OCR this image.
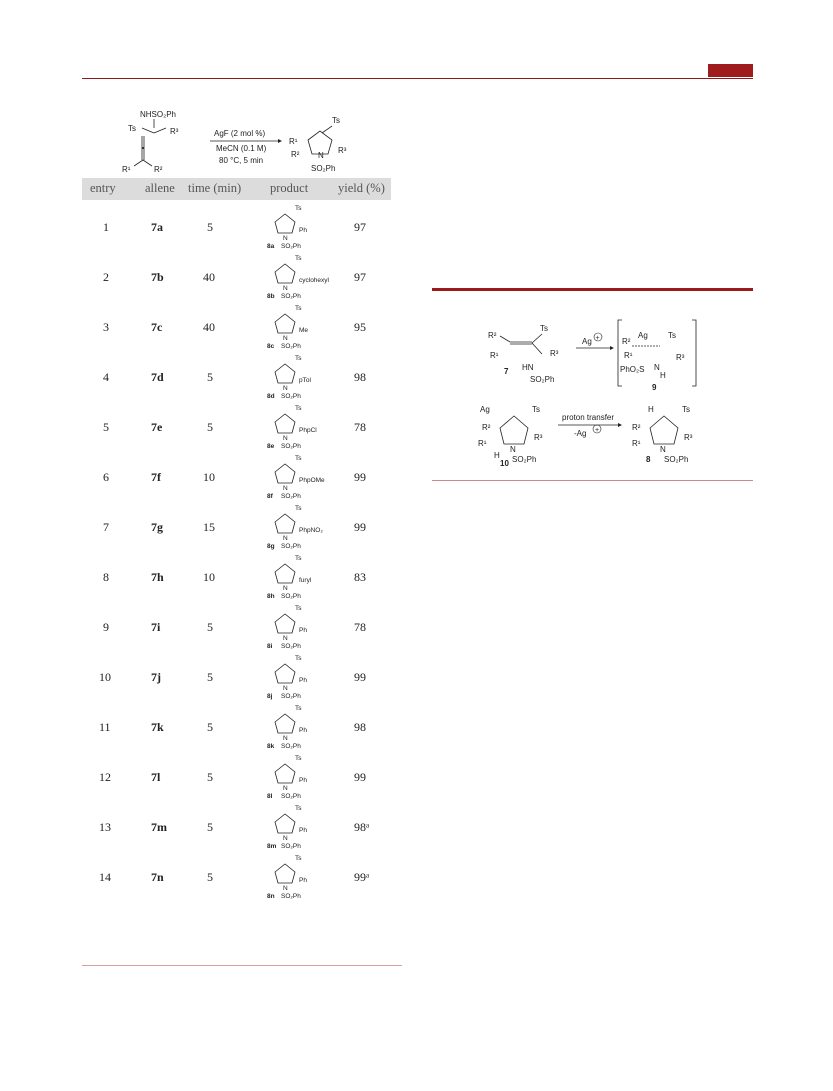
NHSO₂Ph
Ts	R³
R¹	R²
AgF (2 mol %)
MeCN (0.1 M)
80 °C, 5 min
Ts
R¹
R² N
R³
SO₂Ph
entry allene time (min) product yield (%)
1	7a	5	97
Ts
N
Ph
8a SO₂Ph
2	7b	40	97
Ts
N
cyclohexyl
8b SO₂Ph
3	7c	40	95
Ts
N
Me
8c SO₂Ph
4	7d	5	98
Ts
N
pTol
8d SO₂Ph
5	7e	5	78
Ts
N
PhpCl
8e SO₂Ph
6	7f	10	99
Ts
N
PhpOMe
8f SO₂Ph
7	7g	15	99
Ts
N
PhpNO₂
8g SO₂Ph
8	7h	10	83
Ts
N
furyl
8h SO₂Ph
9	7i	5	78
Ts
N
Ph
8i SO₂Ph
10	7j	5	99
Ts
N
Ph
8j SO₂Ph
11	7k	5	98
Ts
N
Ph
8k SO₂Ph
12	7l	5	99
Ts
N
Ph
8l SO₂Ph
13	7m	5	98ᵃ
Ts
N
Ph
8m SO₂Ph
14	7n	5	99ᵃ
Ts
N
Ph
8n SO₂Ph
R²
Ts
R³
R¹
HN
SO₂Ph
7
Ag +	R²
Ag	Ts
R¹	R³
PhO₂S N
H
9
Ag	Ts
R²
R¹
R³
N
H SO₂Ph
10
proton transfer
-Ag +
H	Ts
R²
R¹
R³
N
SO₂Ph
8
